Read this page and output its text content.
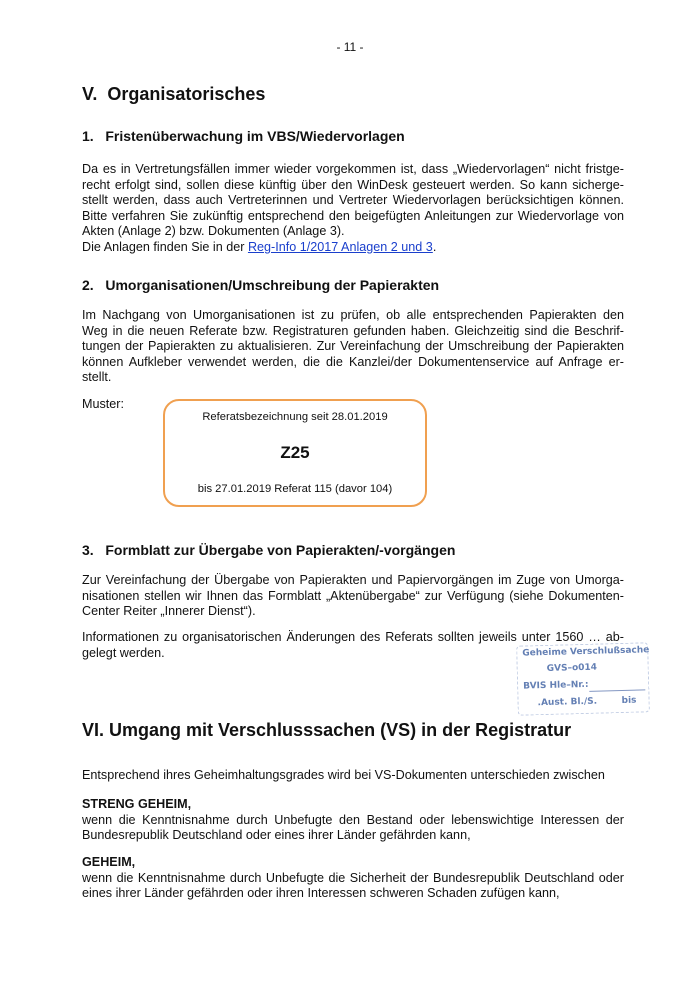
- 11 -
V.  Organisatorisches
1.   Fristenüberwachung im VBS/Wiedervorlagen
Da es in Vertretungsfällen immer wieder vorgekommen ist, dass „Wiedervorlagen“ nicht fristge-
recht erfolgt sind, sollen diese künftig über den WinDesk gesteuert werden. So kann sicherge-
stellt werden, dass auch Vertreterinnen und Vertreter Wiedervorlagen berücksichtigen können.
Bitte verfahren Sie zukünftig entsprechend den beigefügten Anleitungen zur Wiedervorlage von
Akten (Anlage 2) bzw. Dokumenten (Anlage 3).
Die Anlagen finden Sie in der Reg-Info 1/2017 Anlagen 2 und 3.
2.   Umorganisationen/Umschreibung der Papierakten
Im Nachgang von Umorganisationen ist zu prüfen, ob alle entsprechenden Papierakten den
Weg in die neuen Referate bzw. Registraturen gefunden haben. Gleichzeitig sind die Beschrif-
tungen der Papierakten zu aktualisieren. Zur Vereinfachung der Umschreibung der Papierakten
können Aufkleber verwendet werden, die die Kanzlei/der Dokumentenservice auf Anfrage er-
stellt.
Muster:
Referatsbezeichnung seit 28.01.2019
Z25
bis 27.01.2019 Referat 115 (davor 104)
3.   Formblatt zur Übergabe von Papierakten/-vorgängen
Zur Vereinfachung der Übergabe von Papierakten und Papiervorgängen im Zuge von Umorga-
nisationen stellen wir Ihnen das Formblatt „Aktenübergabe“ zur Verfügung (siehe Dokumenten-
Center Reiter „Innerer Dienst“).
Informationen zu organisatorischen Änderungen des Referats sollten jeweils unter 1560 … ab-
gelegt werden.	Geheime Verschlußsache
GVS–o014
BVIS Hle–Nr.:
.Aust. Bl./S.	bis
VI. Umgang mit Verschlusssachen (VS) in der Registratur
Entsprechend ihres Geheimhaltungsgrades wird bei VS-Dokumenten unterschieden zwischen
STRENG GEHEIM,
wenn die Kenntnisnahme durch Unbefugte den Bestand oder lebenswichtige Interessen der
Bundesrepublik Deutschland oder eines ihrer Länder gefährden kann,
GEHEIM,
wenn die Kenntnisnahme durch Unbefugte die Sicherheit der Bundesrepublik Deutschland oder
eines ihrer Länder gefährden oder ihren Interessen schweren Schaden zufügen kann,
